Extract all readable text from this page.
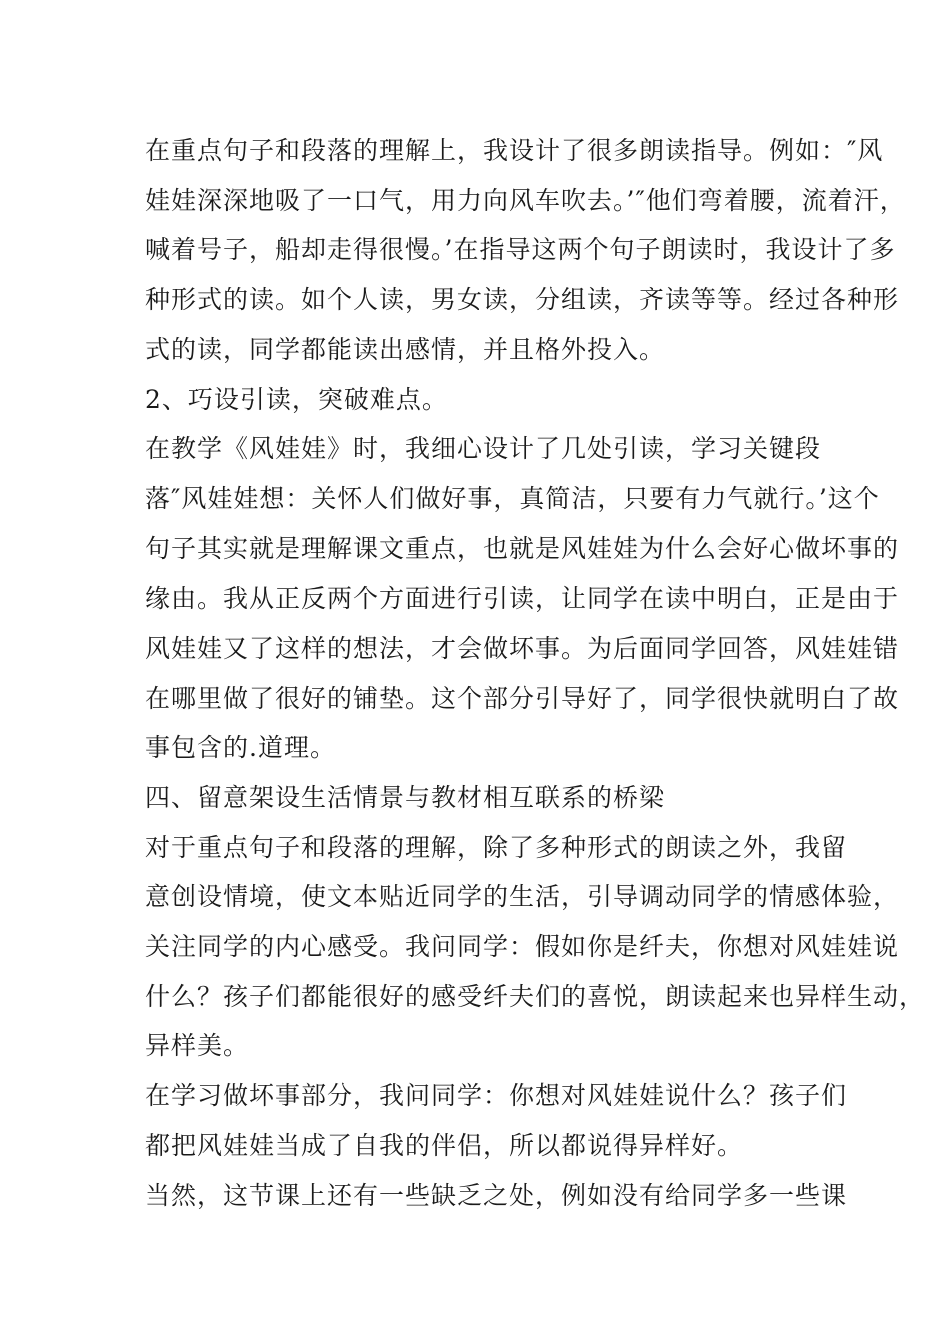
在重点句子和段落的理解上，我设计了很多朗读指导。例如：″风
娃娃深深地吸了一口气，用力向风车吹去。’″他们弯着腰，流着汗，
喊着号子，船却走得很慢。’在指导这两个句子朗读时，我设计了多
种形式的读。如个人读，男女读，分组读，齐读等等。经过各种形
式的读，同学都能读出感情，并且格外投入。
2、巧设引读，突破难点。
在教学《风娃娃》时，我细心设计了几处引读，学习关键段
落″风娃娃想：关怀人们做好事，真简洁，只要有力气就行。’这个
句子其实就是理解课文重点，也就是风娃娃为什么会好心做坏事的
缘由。我从正反两个方面进行引读，让同学在读中明白，正是由于
风娃娃又了这样的想法，才会做坏事。为后面同学回答，风娃娃错
在哪里做了很好的铺垫。这个部分引导好了，同学很快就明白了故
事包含的.道理。
四、留意架设生活情景与教材相互联系的桥梁
对于重点句子和段落的理解，除了多种形式的朗读之外，我留
意创设情境，使文本贴近同学的生活，引导调动同学的情感体验，
关注同学的内心感受。我问同学：假如你是纤夫，你想对风娃娃说
什么？孩子们都能很好的感受纤夫们的喜悦，朗读起来也异样生动，
异样美。
在学习做坏事部分，我问同学：你想对风娃娃说什么？孩子们
都把风娃娃当成了自我的伴侣，所以都说得异样好。
当然，这节课上还有一些缺乏之处，例如没有给同学多一些课
